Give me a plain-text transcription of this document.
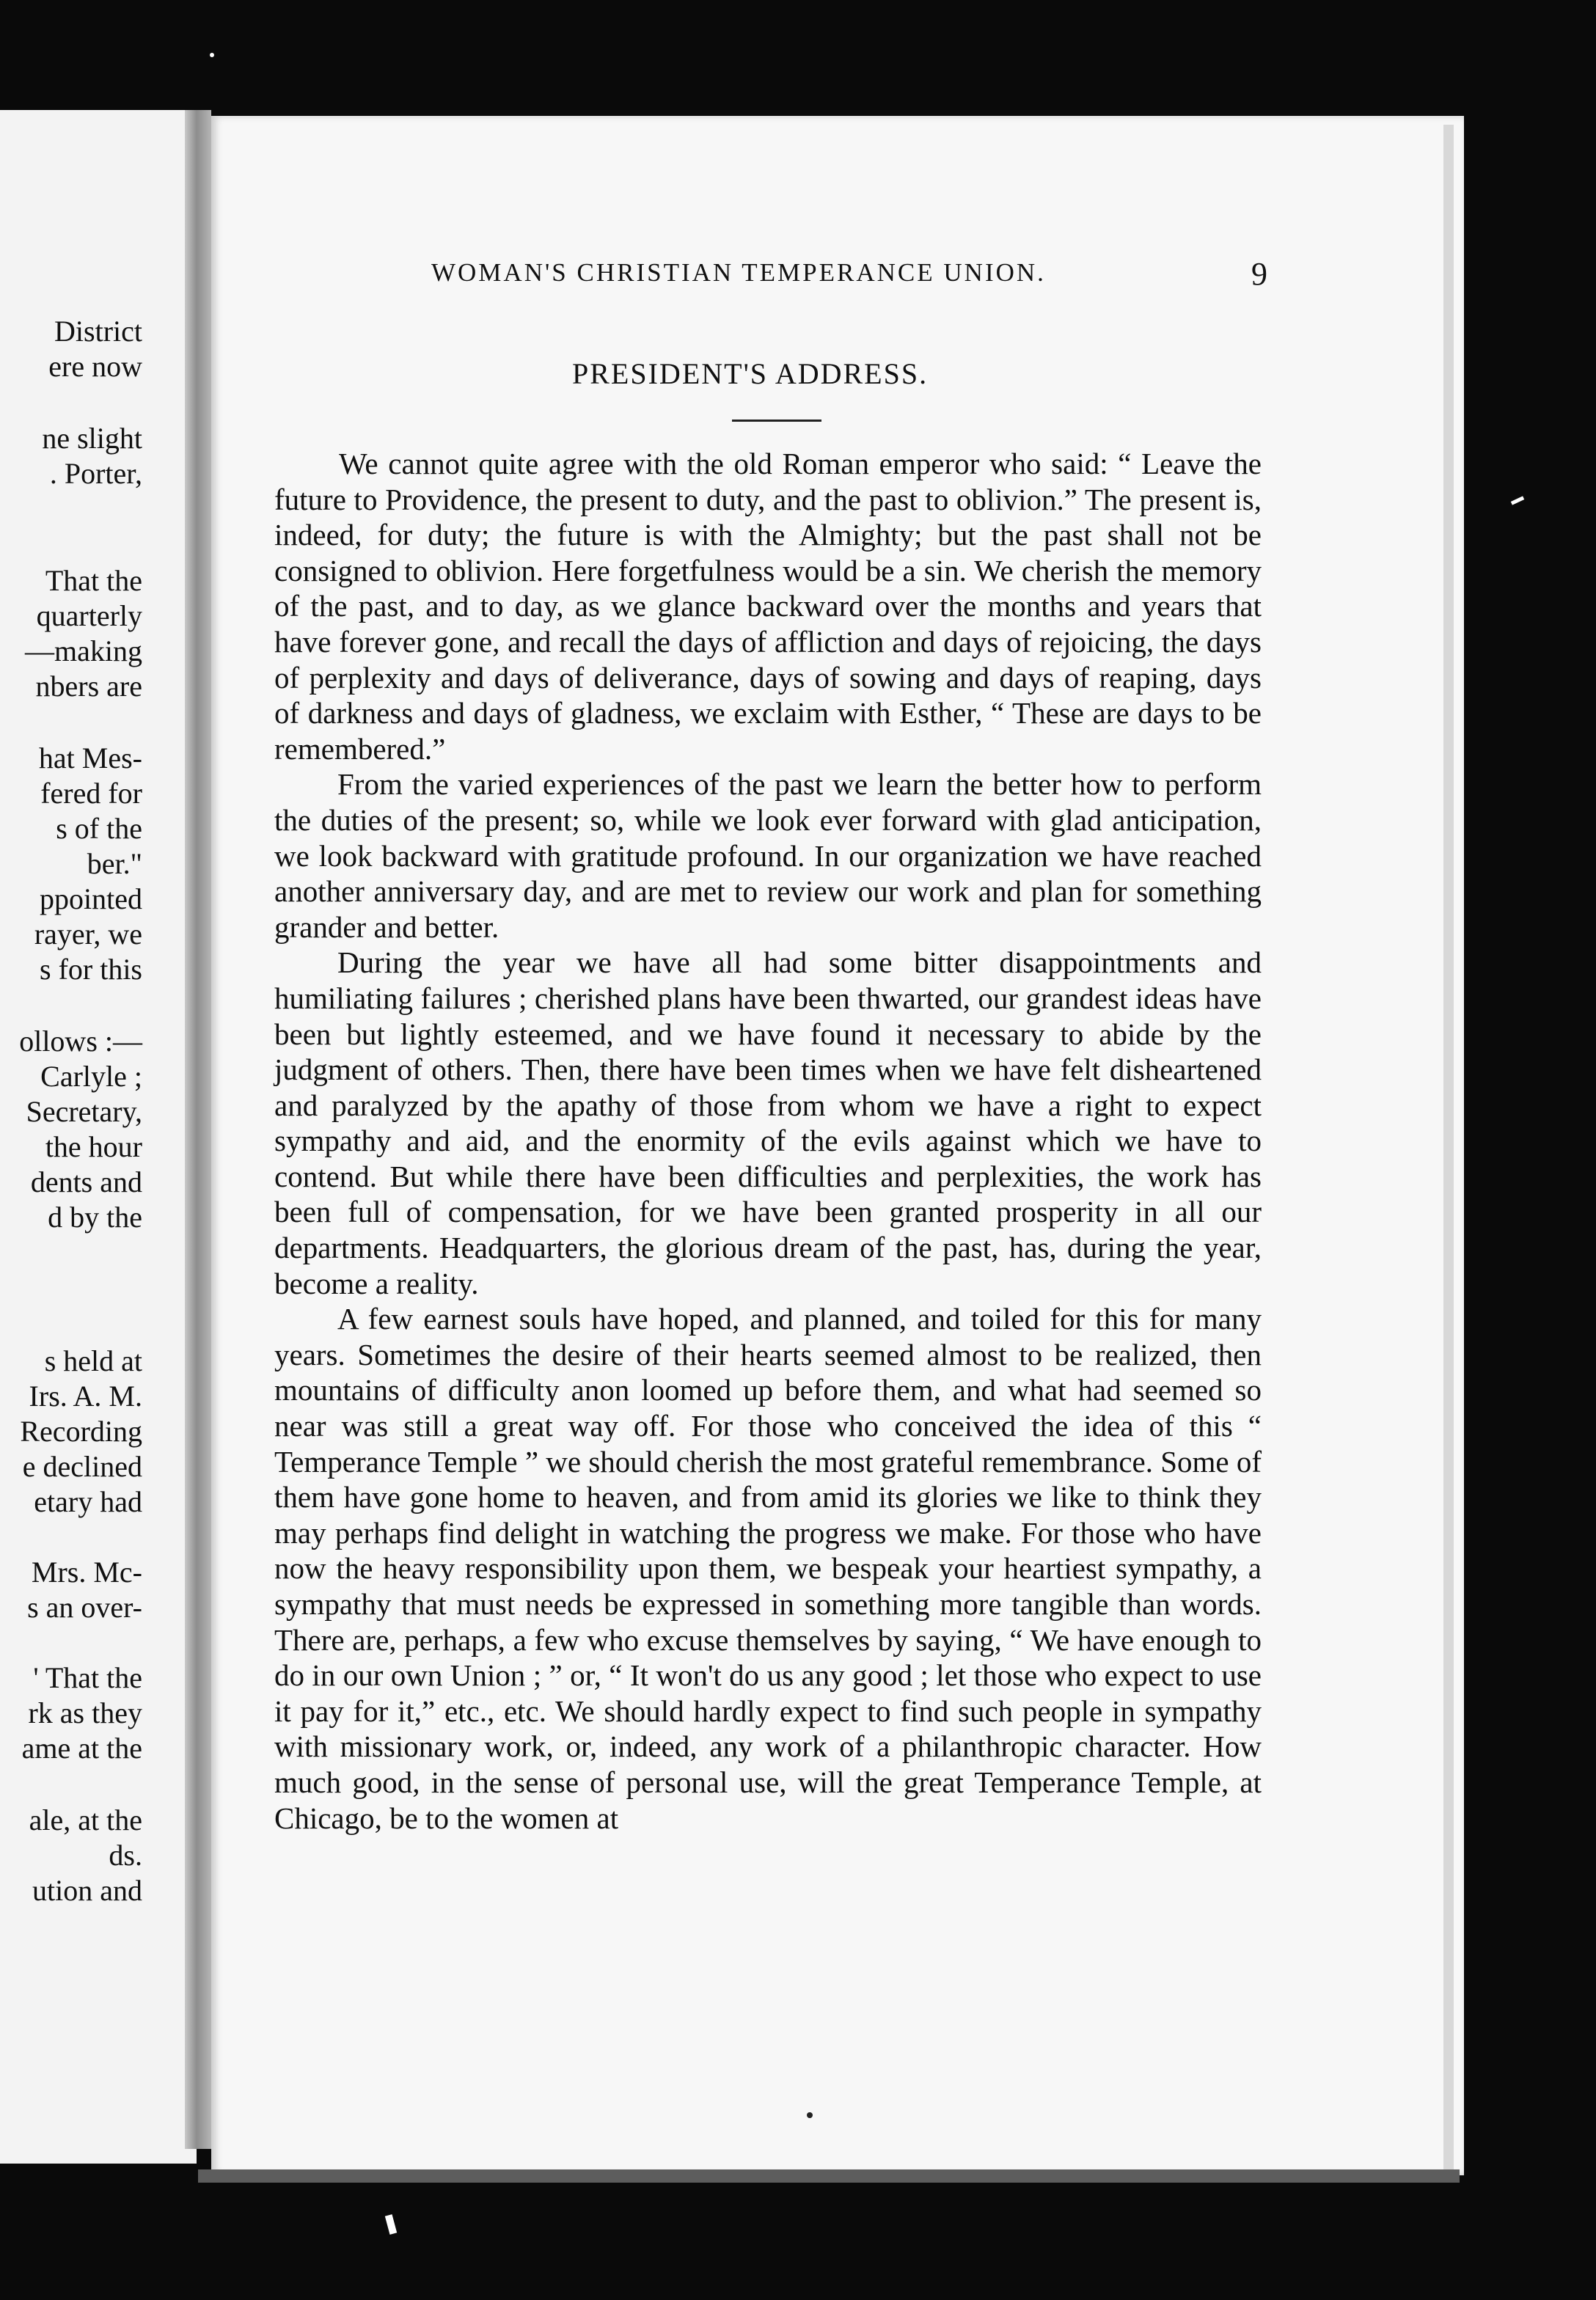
District
ere now
ne slight
. Porter,
That the
quarterly
—making
nbers are
hat Mes-
fered for
s of the
ber."
ppointed
rayer, we
s for this
ollows :—
Carlyle ;
Secretary,
the hour
dents and
d by the
s held at
Irs. A. M.
Recording
e declined
etary had
Mrs. Mc-
s an over-
' That the
rk as they
ame at the
ale, at the
ds.
ution and
WOMAN'S CHRISTIAN TEMPERANCE UNION.	9
PRESIDENT'S ADDRESS.

We cannot quite agree with the old Roman emperor who said: “ Leave the future to Providence, the present to duty, and the past to oblivion.” The present is, indeed, for duty; the future is with the Almighty; but the past shall not be consigned to oblivion. Here forgetfulness would be a sin. We cherish the memory of the past, and to day, as we glance backward over the months and years that have forever gone, and recall the days of affliction and days of rejoicing, the days of perplexity and days of deliverance, days of sowing and days of reaping, days of darkness and days of gladness, we exclaim with Esther, “ These are days to be remembered.”

From the varied experiences of the past we learn the better how to perform the duties of the present; so, while we look ever forward with glad anticipation, we look backward with gratitude profound. In our organization we have reached another anniversary day, and are met to review our work and plan for something grander and better.

During the year we have all had some bitter disappointments and humiliating failures ; cherished plans have been thwarted, our grandest ideas have been but lightly esteemed, and we have found it necessary to abide by the judgment of others. Then, there have been times when we have felt disheartened and paralyzed by the apathy of those from whom we have a right to expect sympathy and aid, and the enormity of the evils against which we have to contend. But while there have been difficulties and perplexities, the work has been full of compensation, for we have been granted prosperity in all our departments. Headquarters, the glorious dream of the past, has, during the year, become a reality.

A few earnest souls have hoped, and planned, and toiled for this for many years. Sometimes the desire of their hearts seemed almost to be realized, then mountains of difficulty anon loomed up before them, and what had seemed so near was still a great way off. For those who conceived the idea of this “ Temperance Temple ” we should cherish the most grateful remembrance. Some of them have gone home to heaven, and from amid its glories we like to think they may perhaps find delight in watching the progress we make. For those who have now the heavy responsibility upon them, we bespeak your heartiest sympathy, a sympathy that must needs be expressed in something more tangible than words. There are, perhaps, a few who excuse themselves by saying, “ We have enough to do in our own Union ; ” or, “ It won't do us any good ; let those who expect to use it pay for it,” etc., etc. We should hardly expect to find such people in sympathy with missionary work, or, indeed, any work of a philanthropic character. How much good, in the sense of personal use, will the great Temperance Temple, at Chicago, be to the women at
